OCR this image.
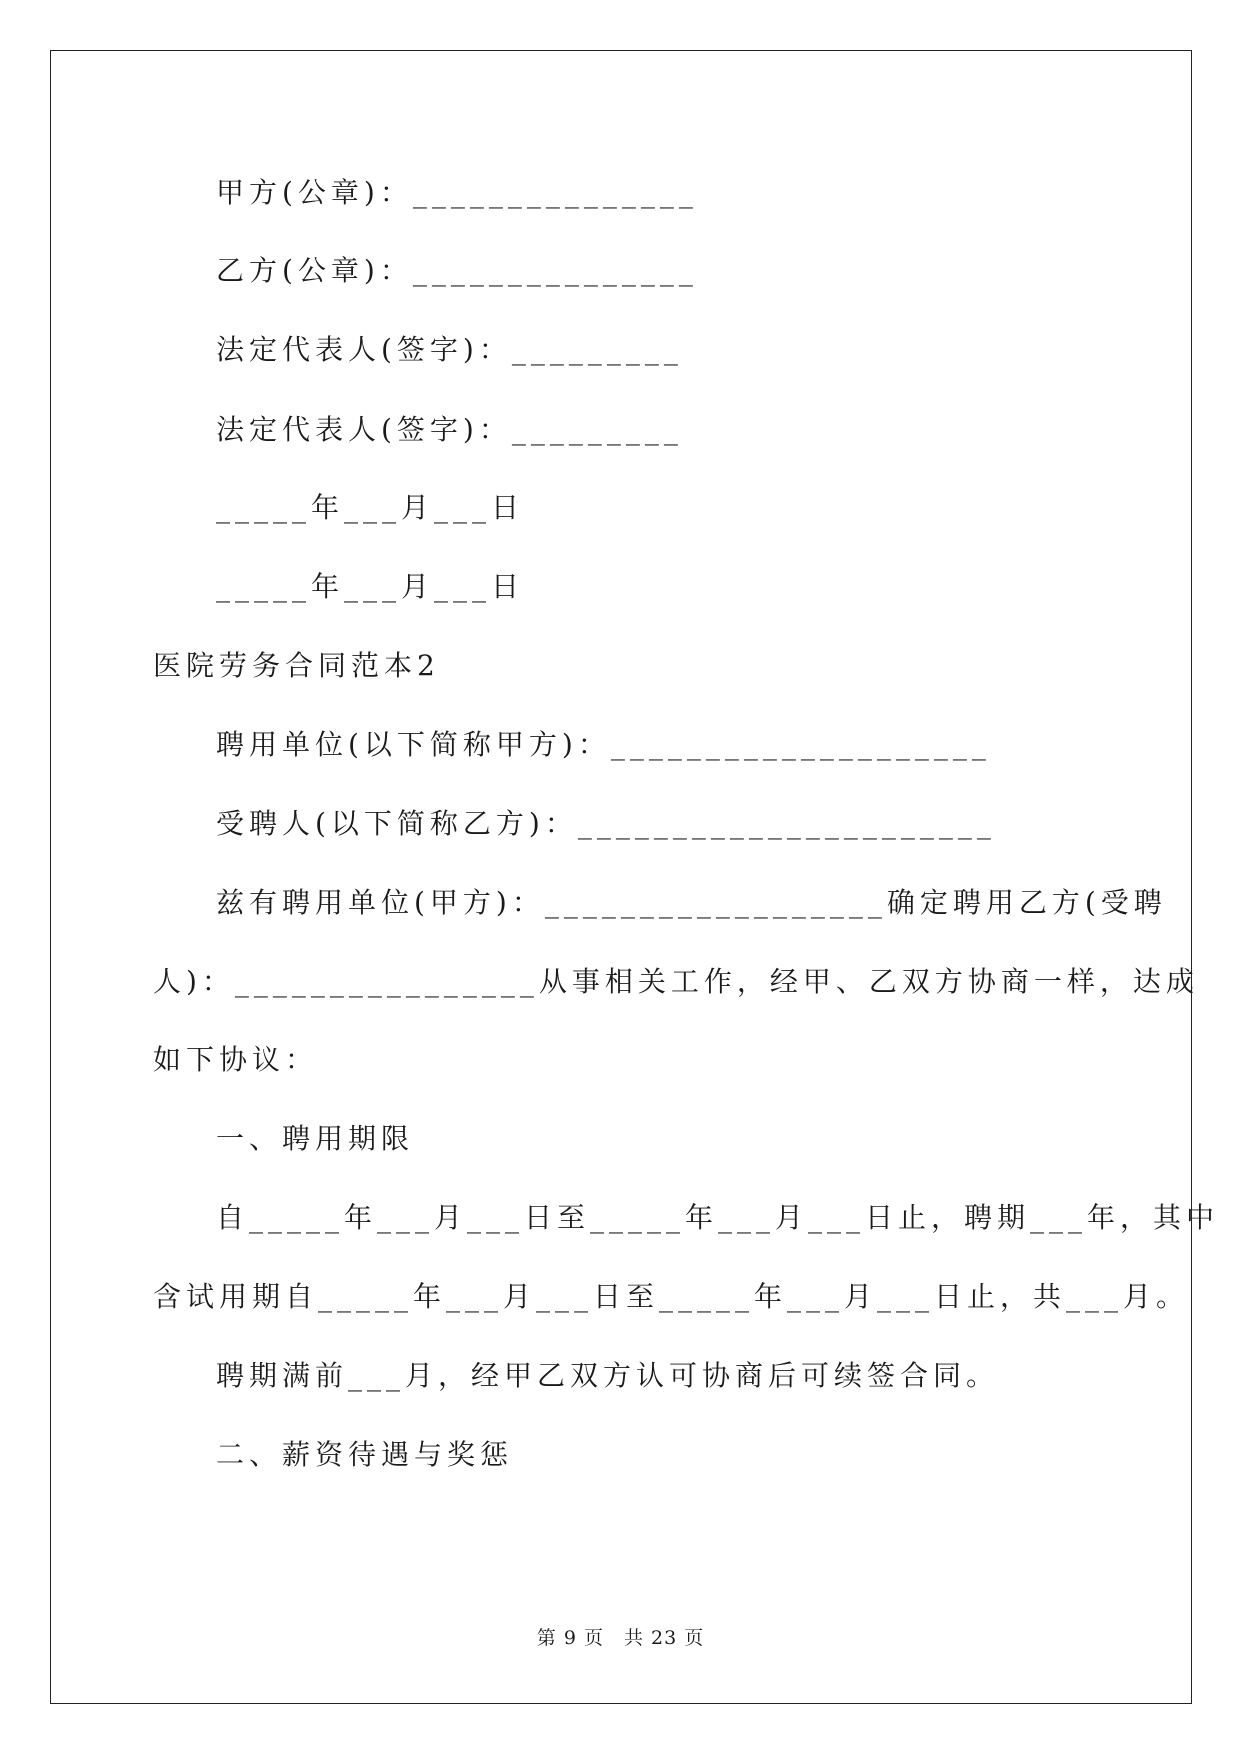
甲方(公章)：_______________
乙方(公章)：_______________
法定代表人(签字)：_________
法定代表人(签字)：_________
_____年___月___日
_____年___月___日
医院劳务合同范本2
聘用单位(以下简称甲方)：____________________
受聘人(以下简称乙方)：______________________
兹有聘用单位(甲方)：__________________确定聘用乙方(受聘
人)：________________从事相关工作，经甲、乙双方协商一样，达成
如下协议：
一、聘用期限
自_____年___月___日至_____年___月___日止，聘期___年，其中
含试用期自_____年___月___日至_____年___月___日止，共___月。
聘期满前___月，经甲乙双方认可协商后可续签合同。
二、薪资待遇与奖惩
第 9 页　共 23 页
